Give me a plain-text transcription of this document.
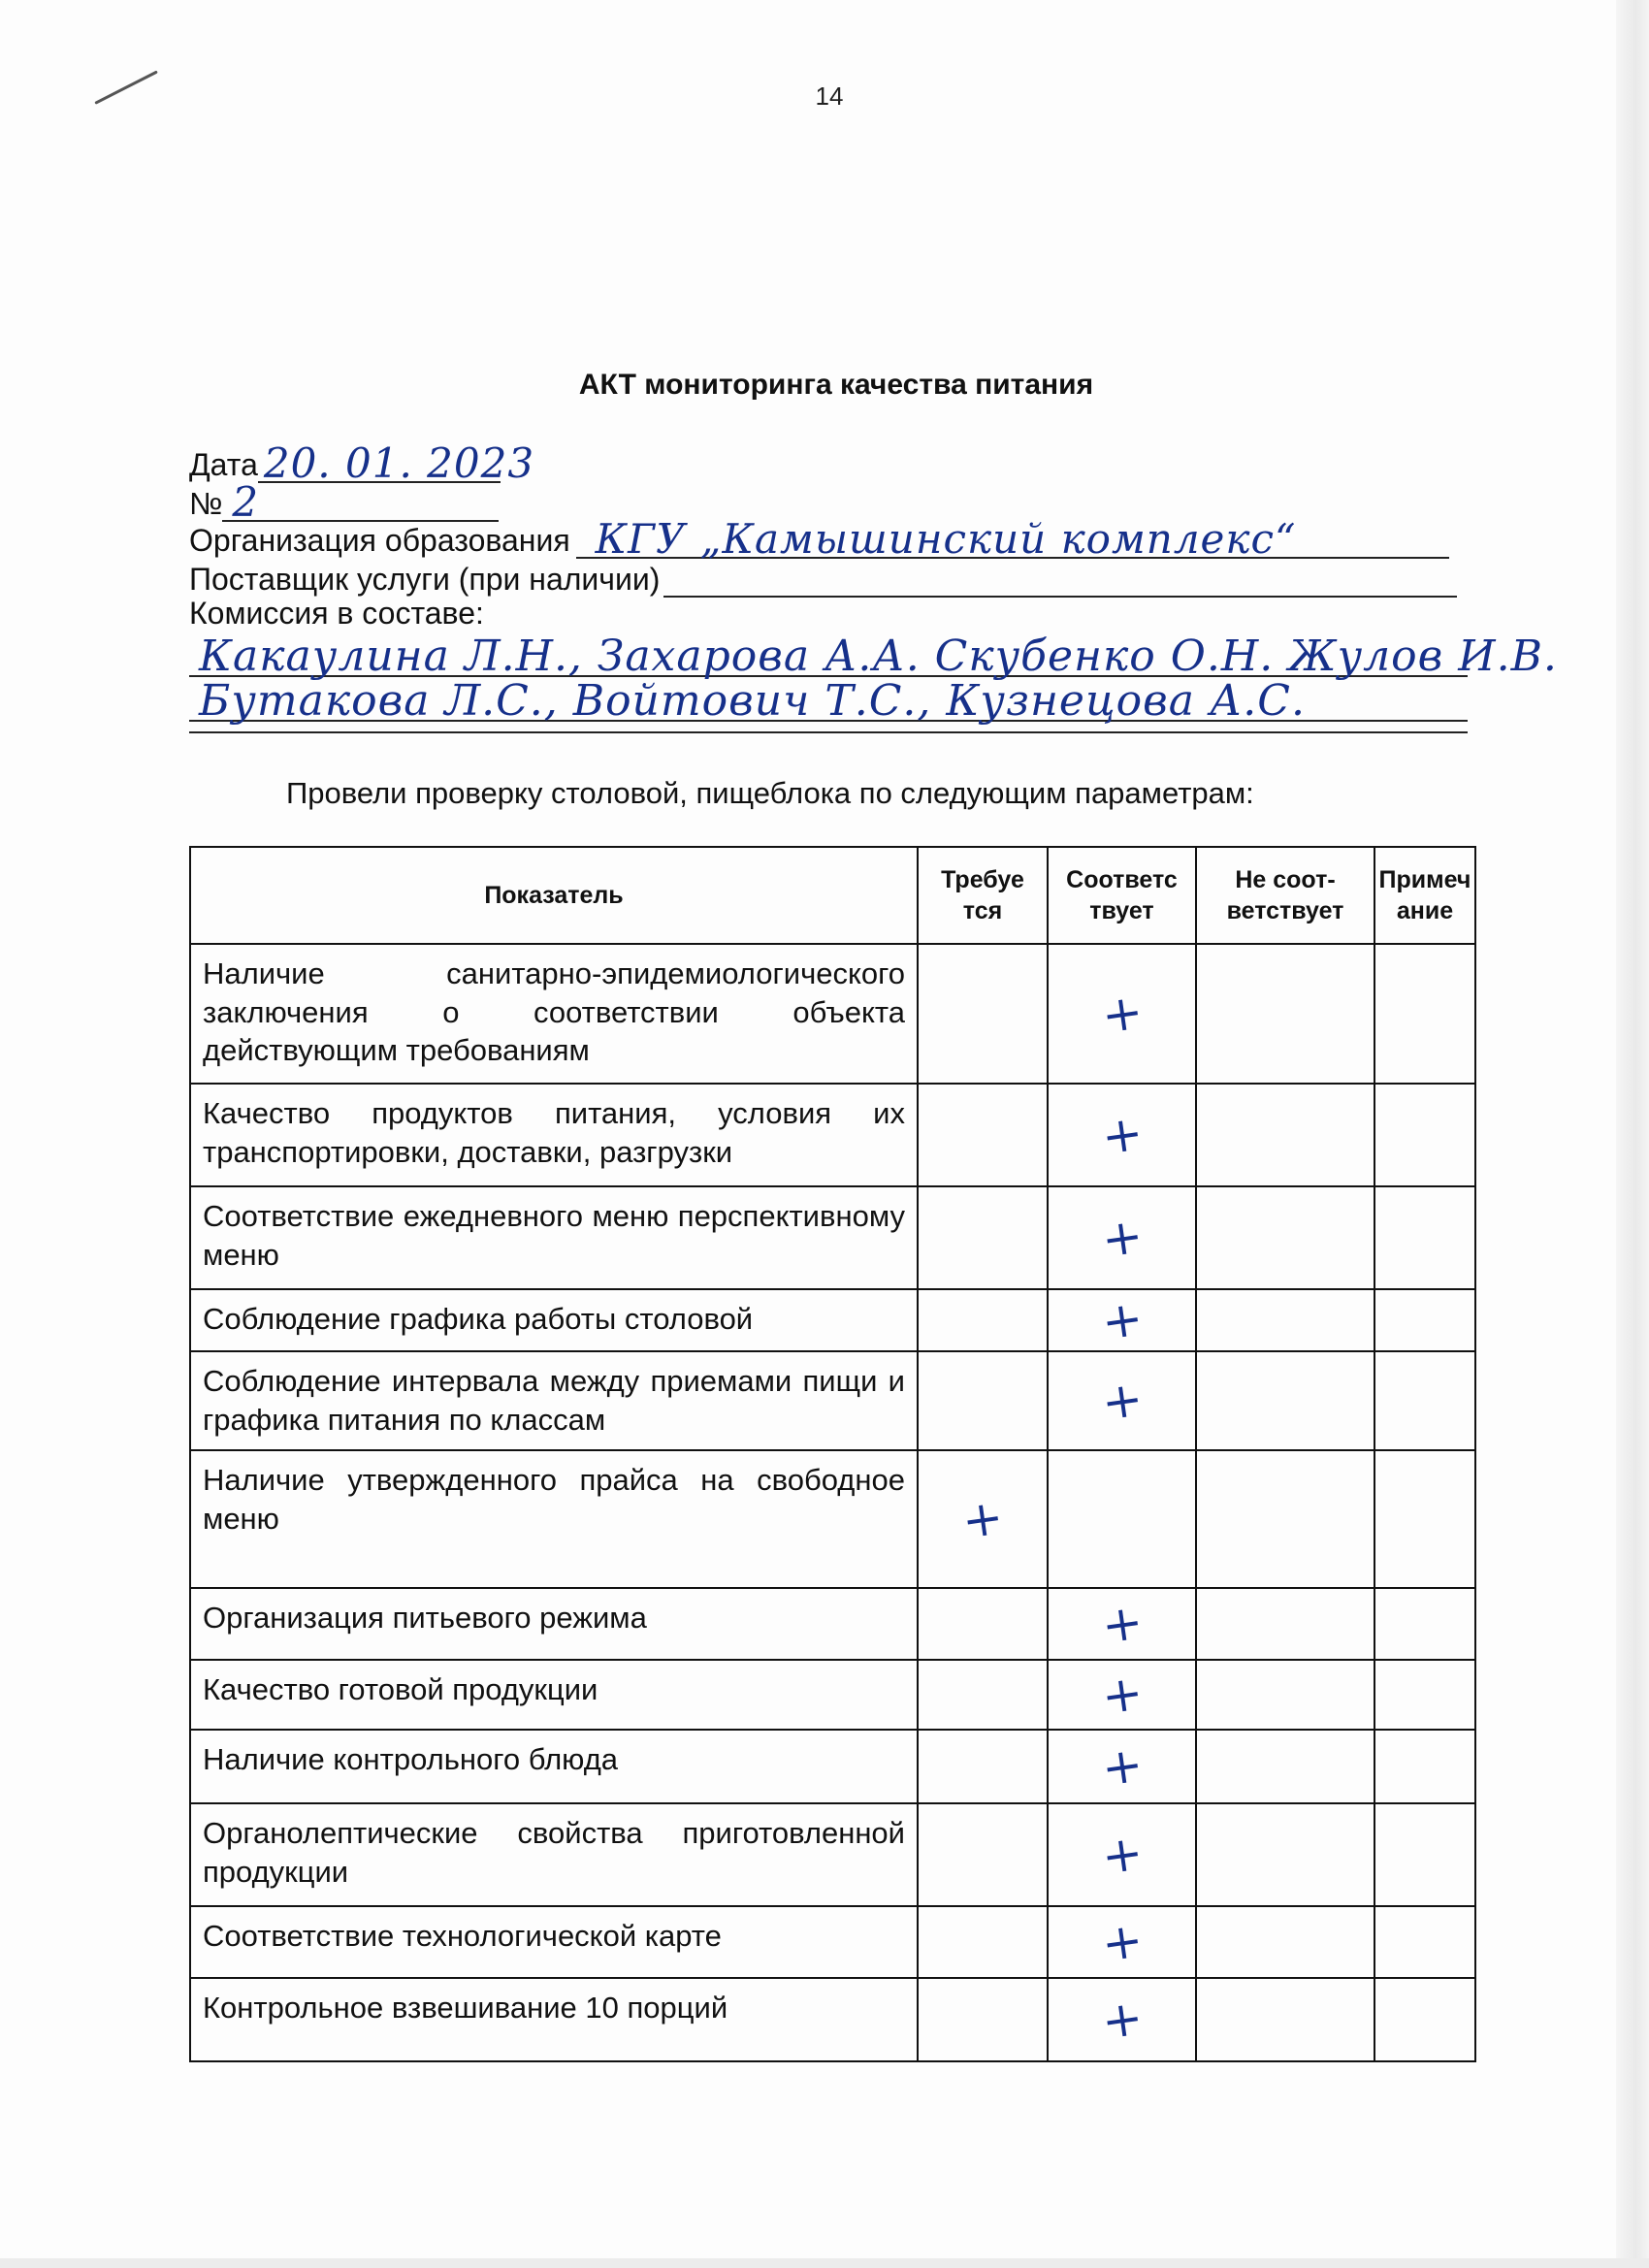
14
АКТ мониторинга качества питания
Дата 20. 01. 2023
№ 2
Организация образования КГУ „Камышинский комплекс“
Поставщик услуги (при наличии)
Комиссия в составе:
Какаулина Л.Н., Захарова А.А. Скубенко О.Н. Жулов И.В.
Бутакова Л.С., Войтович Т.С., Кузнецова А.С.
Провели проверку столовой, пищеблока по следующим параметрам:
Показатель	Требуе тся	Соответс твует	Не соот-ветствует	Примеч ание

Наличие санитарно-эпидемиологического заключения о соответствии объекта действующим требованиям		+		

Качество продуктов питания, условия их транспортировки, доставки, разгрузки		+		

Соответствие ежедневного меню перспективному меню		+		

Соблюдение графика работы столовой		+		

Соблюдение интервала между приемами пищи и графика питания по классам		+		

Наличие утвержденного прайса на свободное меню	+			

Организация питьевого режима		+		

Качество готовой продукции		+		

Наличие контрольного блюда		+		

Органолептические свойства приготовленной продукции		+		

Соответствие технологической карте		+		

Контрольное взвешивание 10 порций		+		
